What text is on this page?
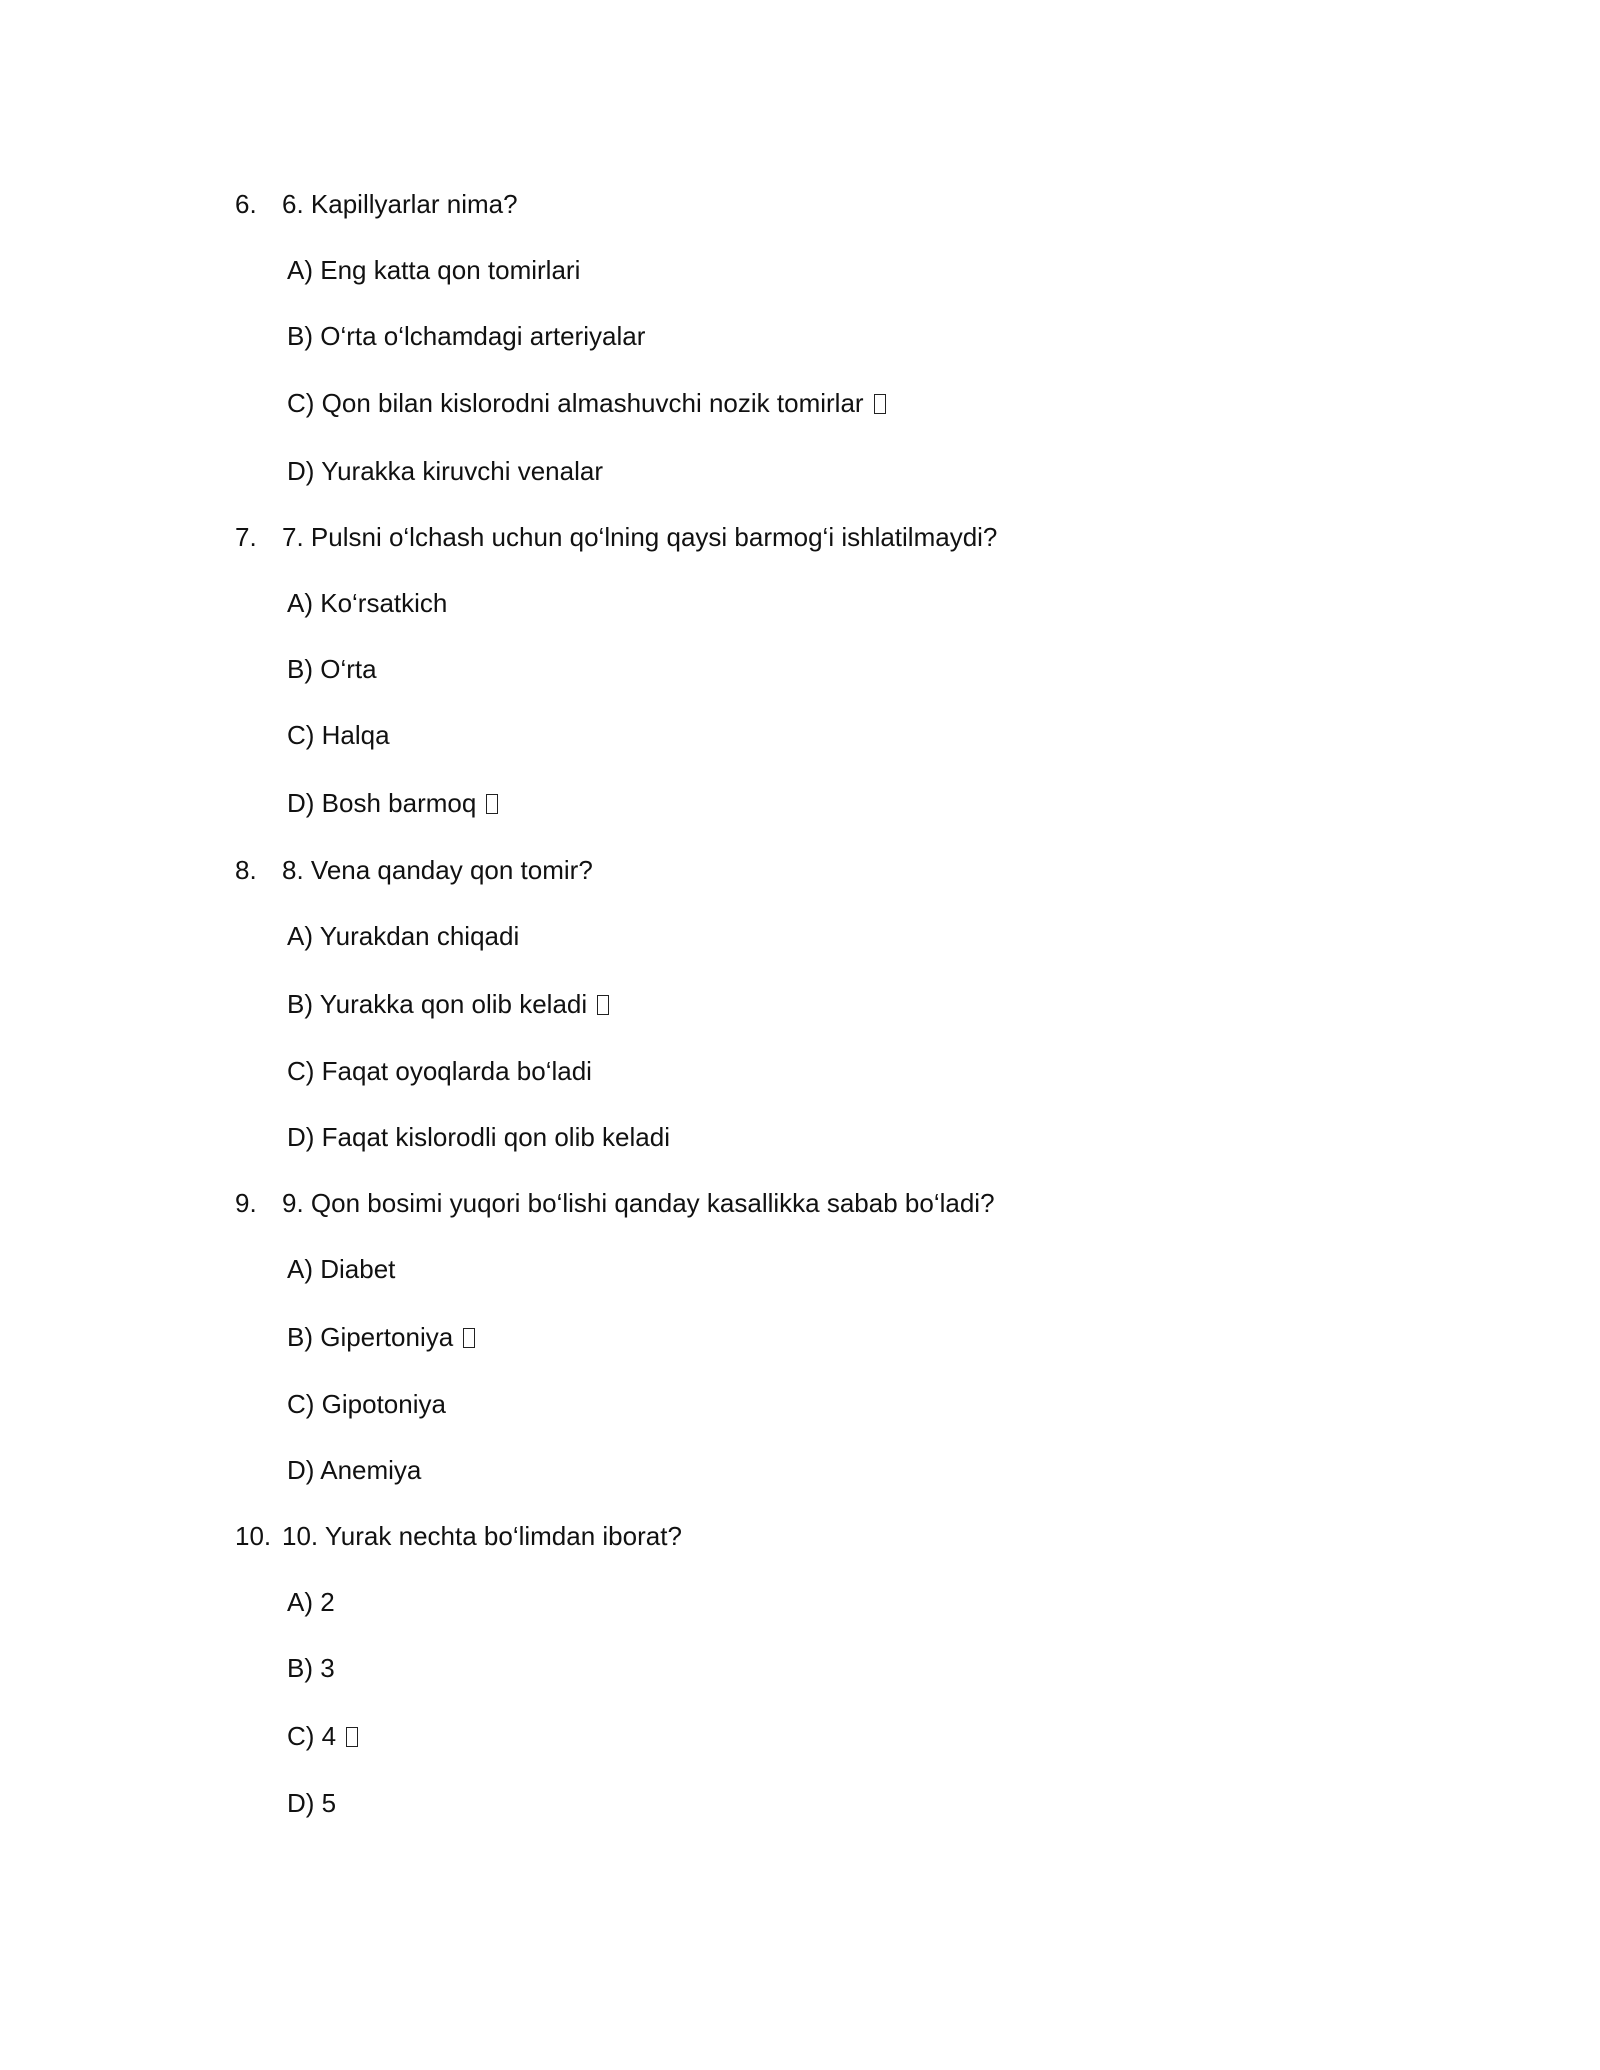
6. 6. Kapillyarlar nima?
A) Eng katta qon tomirlari
B) O‘rta o‘lchamdagi arteriyalar
C) Qon bilan kislorodni almashuvchi nozik tomirlar
D) Yurakka kiruvchi venalar
7. 7. Pulsni o‘lchash uchun qo‘lning qaysi barmog‘i ishlatilmaydi?
A) Ko‘rsatkich
B) O‘rta
C) Halqa
D) Bosh barmoq
8. 8. Vena qanday qon tomir?
A) Yurakdan chiqadi
B) Yurakka qon olib keladi
C) Faqat oyoqlarda bo‘ladi
D) Faqat kislorodli qon olib keladi
9. 9. Qon bosimi yuqori bo‘lishi qanday kasallikka sabab bo‘ladi?
A) Diabet
B) Gipertoniya
C) Gipotoniya
D) Anemiya
10. 10. Yurak nechta bo‘limdan iborat?
A) 2
B) 3
C) 4
D) 5
